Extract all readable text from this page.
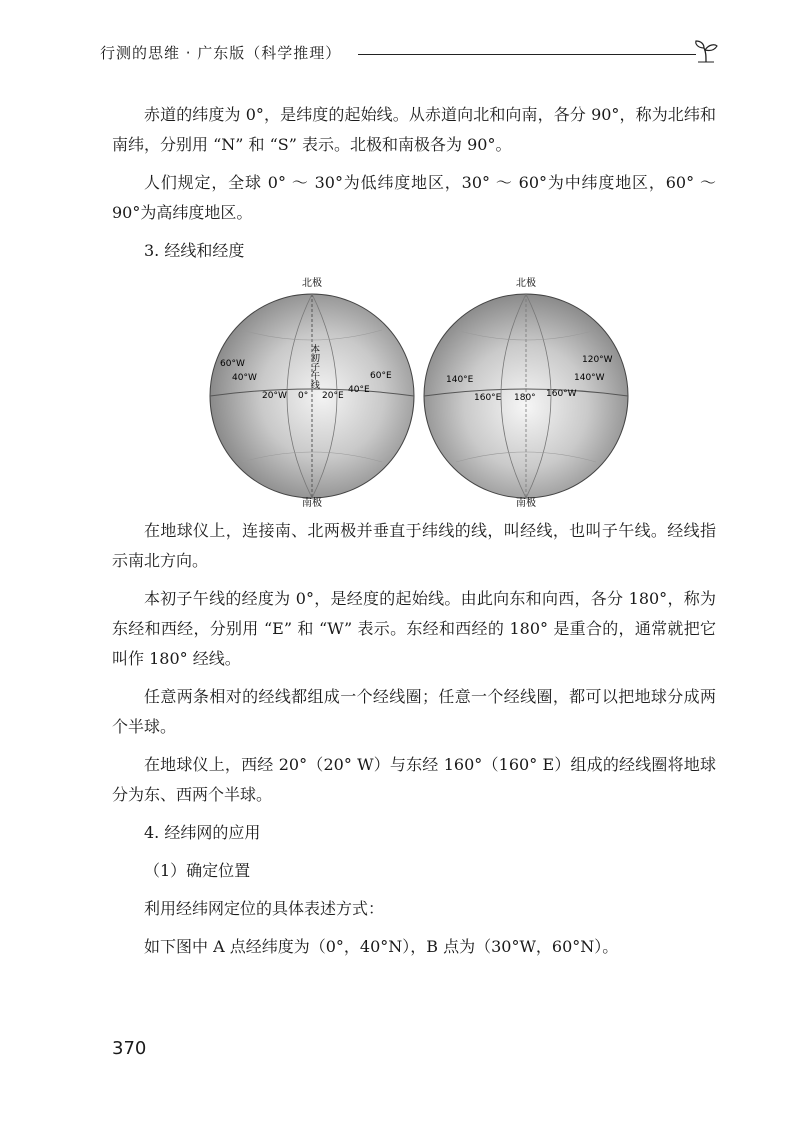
行测的思维 · 广东版（科学推理）

赤道的纬度为 0°，是纬度的起始线。从赤道向北和向南，各分 90°，称为北纬和南纬，分别用 “N” 和 “S” 表示。北极和南极各为 90°。

人们规定，全球 0° ～ 30°为低纬度地区，30° ～ 60°为中纬度地区，60° ～ 90°为高纬度地区。

3. 经线和经度

北极
南极
本初子午线
20°W 0° 20°E
40°E
60°E
40°W
60°W
北极
南极
160°E 180° 160°W
140°E	140°W
120°W

在地球仪上，连接南、北两极并垂直于纬线的线，叫经线，也叫子午线。经线指示南北方向。

本初子午线的经度为 0°，是经度的起始线。由此向东和向西，各分 180°，称为东经和西经，分别用 “E” 和 “W” 表示。东经和西经的 180° 是重合的，通常就把它叫作 180° 经线。

任意两条相对的经线都组成一个经线圈；任意一个经线圈，都可以把地球分成两个半球。

在地球仪上，西经 20°（20° W）与东经 160°（160° E）组成的经线圈将地球分为东、西两个半球。

4. 经纬网的应用

（1）确定位置

利用经纬网定位的具体表述方式：

如下图中 A 点经纬度为（0°，40°N），B 点为（30°W，60°N）。

370
